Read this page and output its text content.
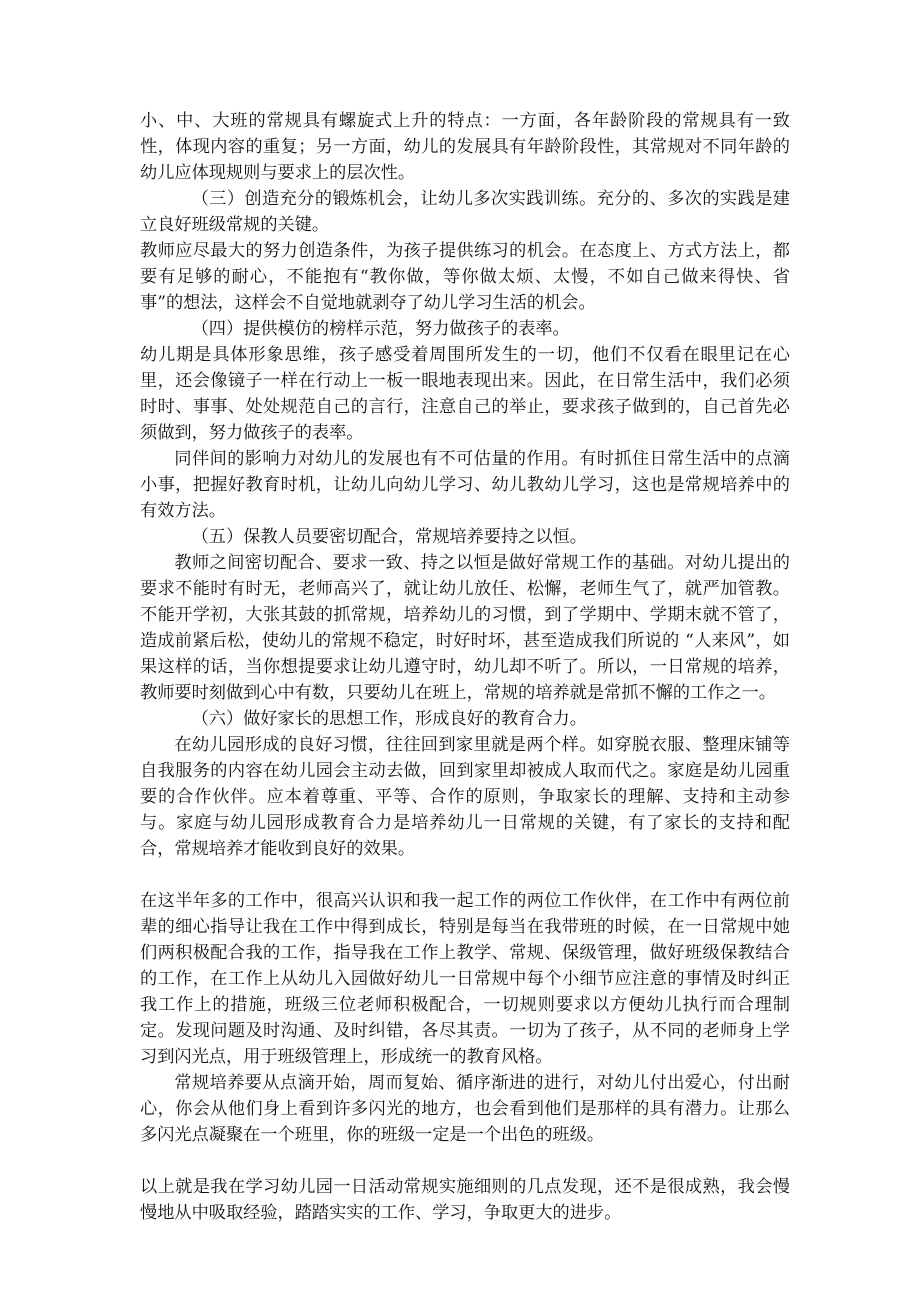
小、中、大班的常规具有螺旋式上升的特点：一方面，各年龄阶段的常规具有一致性，体现内容的重复；另一方面，幼儿的发展具有年龄阶段性，其常规对不同年龄的幼儿应体现规则与要求上的层次性。

（三）创造充分的锻炼机会，让幼儿多次实践训练。充分的、多次的实践是建立良好班级常规的关键。

教师应尽最大的努力创造条件，为孩子提供练习的机会。在态度上、方式方法上，都要有足够的耐心，不能抱有“教你做，等你做太烦、太慢，不如自己做来得快、省事”的想法，这样会不自觉地就剥夺了幼儿学习生活的机会。

（四）提供模仿的榜样示范，努力做孩子的表率。

幼儿期是具体形象思维，孩子感受着周围所发生的一切，他们不仅看在眼里记在心里，还会像镜子一样在行动上一板一眼地表现出来。因此，在日常生活中，我们必须时时、事事、处处规范自己的言行，注意自己的举止，要求孩子做到的，自己首先必须做到，努力做孩子的表率。

同伴间的影响力对幼儿的发展也有不可估量的作用。有时抓住日常生活中的点滴小事，把握好教育时机，让幼儿向幼儿学习、幼儿教幼儿学习，这也是常规培养中的有效方法。

（五）保教人员要密切配合，常规培养要持之以恒。

教师之间密切配合、要求一致、持之以恒是做好常规工作的基础。对幼儿提出的要求不能时有时无，老师高兴了，就让幼儿放任、松懈，老师生气了，就严加管教。不能开学初，大张其鼓的抓常规，培养幼儿的习惯，到了学期中、学期末就不管了，造成前紧后松，使幼儿的常规不稳定，时好时坏，甚至造成我们所说的 “人来风”，如果这样的话，当你想提要求让幼儿遵守时，幼儿却不听了。所以，一日常规的培养，教师要时刻做到心中有数，只要幼儿在班上，常规的培养就是常抓不懈的工作之一。

（六）做好家长的思想工作，形成良好的教育合力。

在幼儿园形成的良好习惯，往往回到家里就是两个样。如穿脱衣服、整理床铺等自我服务的内容在幼儿园会主动去做，回到家里却被成人取而代之。家庭是幼儿园重要的合作伙伴。应本着尊重、平等、合作的原则，争取家长的理解、支持和主动参与。家庭与幼儿园形成教育合力是培养幼儿一日常规的关键，有了家长的支持和配合，常规培养才能收到良好的效果。

在这半年多的工作中，很高兴认识和我一起工作的两位工作伙伴，在工作中有两位前辈的细心指导让我在工作中得到成长，特别是每当在我带班的时候，在一日常规中她们两积极配合我的工作，指导我在工作上教学、常规、保级管理，做好班级保教结合的工作，在工作上从幼儿入园做好幼儿一日常规中每个小细节应注意的事情及时纠正我工作上的措施，班级三位老师积极配合，一切规则要求以方便幼儿执行而合理制定。发现问题及时沟通、及时纠错，各尽其责。一切为了孩子，从不同的老师身上学习到闪光点，用于班级管理上，形成统一的教育风格。

常规培养要从点滴开始，周而复始、循序渐进的进行，对幼儿付出爱心，付出耐心，你会从他们身上看到许多闪光的地方，也会看到他们是那样的具有潜力。让那么多闪光点凝聚在一个班里，你的班级一定是一个出色的班级。

以上就是我在学习幼儿园一日活动常规实施细则的几点发现，还不是很成熟，我会慢慢地从中吸取经验，踏踏实实的工作、学习，争取更大的进步。
